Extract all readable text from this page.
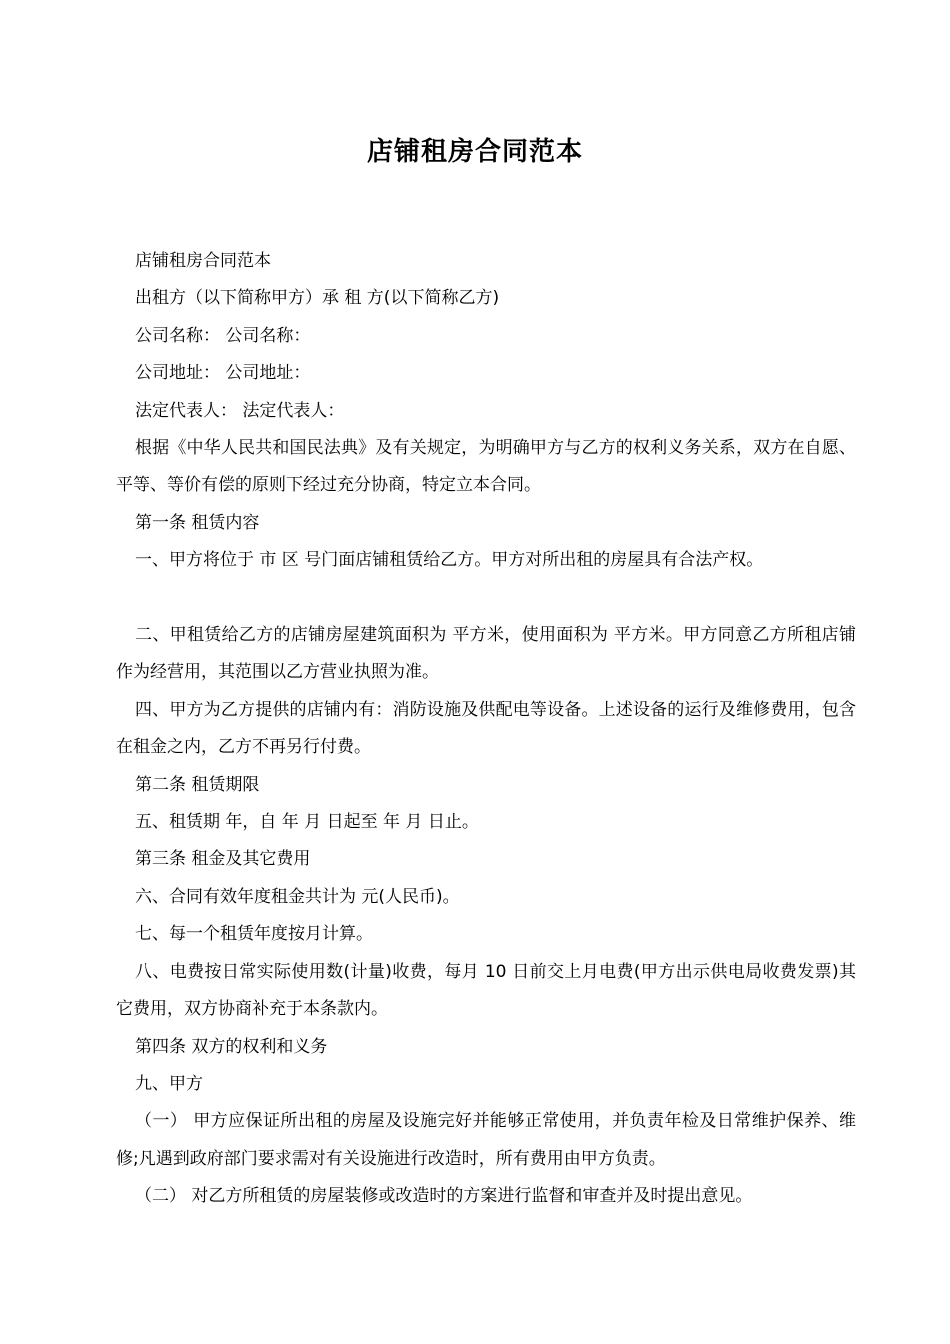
店铺租房合同范本

店铺租房合同范本

出租方（以下简称甲方）承 租 方(以下简称乙方)

公司名称： 公司名称：

公司地址： 公司地址：

法定代表人： 法定代表人：

根据《中华人民共和国民法典》及有关规定，为明确甲方与乙方的权利义务关系，双方在自愿、平等、等价有偿的原则下经过充分协商，特定立本合同。

第一条 租赁内容

一、甲方将位于 市 区 号门面店铺租赁给乙方。甲方对所出租的房屋具有合法产权。

二、甲租赁给乙方的店铺房屋建筑面积为 平方米，使用面积为 平方米。甲方同意乙方所租店铺作为经营用，其范围以乙方营业执照为准。

四、甲方为乙方提供的店铺内有：消防设施及供配电等设备。上述设备的运行及维修费用，包含在租金之内，乙方不再另行付费。

第二条 租赁期限

五、租赁期 年，自 年 月 日起至 年 月 日止。

第三条 租金及其它费用

六、合同有效年度租金共计为 元(人民币)。

七、每一个租赁年度按月计算。

八、电费按日常实际使用数(计量)收费，每月 10 日前交上月电费(甲方出示供电局收费发票)其它费用，双方协商补充于本条款内。

第四条 双方的权利和义务

九、甲方

（一） 甲方应保证所出租的房屋及设施完好并能够正常使用，并负责年检及日常维护保养、维修;凡遇到政府部门要求需对有关设施进行改造时，所有费用由甲方负责。

（二） 对乙方所租赁的房屋装修或改造时的方案进行监督和审查并及时提出意见。
